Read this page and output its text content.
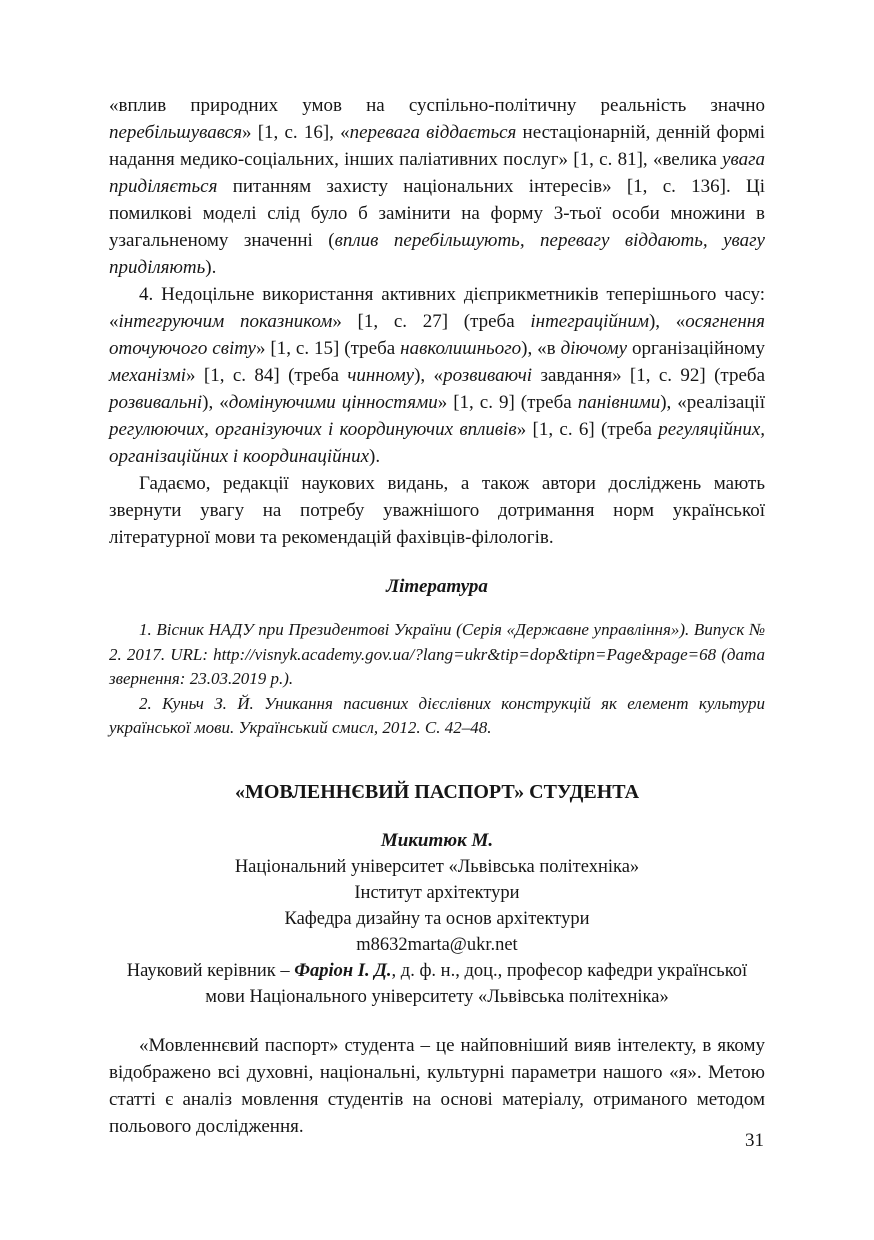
«вплив природних умов на суспільно-політичну реальність значно перебільшувався» [1, с. 16], «перевага віддається нестаціонарній, денній формі надання медико-соціальних, інших паліативних послуг» [1, с. 81], «велика увага приділяється питанням захисту національних інтересів» [1, с. 136]. Ці помилкові моделі слід було б замінити на форму 3-тьої особи множини в узагальненому значенні (вплив перебільшують, перевагу віддають, увагу приділяють).

4. Недоцільне використання активних дієприкметників теперішнього часу: «інтегруючим показником» [1, с. 27] (треба інтеграційним), «осягнення оточуючого світу» [1, с. 15] (треба навколишнього), «в діючому організаційному механізмі» [1, с. 84] (треба чинному), «розвиваючі завдання» [1, с. 92] (треба розвивальні), «домінуючими цінностями» [1, с. 9] (треба панівними), «реалізації регулюючих, організуючих і координуючих впливів» [1, с. 6] (треба регуляційних, організаційних і координаційних).

Гадаємо, редакції наукових видань, а також автори досліджень мають звернути увагу на потребу уважнішого дотримання норм української літературної мови та рекомендацій фахівців-філологів.

Література

1. Вісник НАДУ при Президентові України (Серія «Державне управління»). Випуск № 2. 2017. URL: http://visnyk.academy.gov.ua/?lang=ukr&tip=dop&tipn=Page&page=68 (дата звернення: 23.03.2019 р.).

2. Куньч З. Й. Уникання пасивних дієслівних конструкцій як елемент культури української мови. Український смисл, 2012. С. 42–48.

«МОВЛЕННЄВИЙ ПАСПОРТ» СТУДЕНТА

Микитюк М.

Національний університет «Львівська політехніка»
Інститут архітектури
Кафедра дизайну та основ архітектури
m8632marta@ukr.net
Науковий керівник – Фаріон І. Д., д. ф. н., доц., професор кафедри української мови Національного університету «Львівська політехніка»

«Мовленнєвий паспорт» студента – це найповніший вияв інтелекту, в якому відображено всі духовні, національні, культурні параметри нашого «я». Метою статті є аналіз мовлення студентів на основі матеріалу, отриманого методом польового дослідження.

31
